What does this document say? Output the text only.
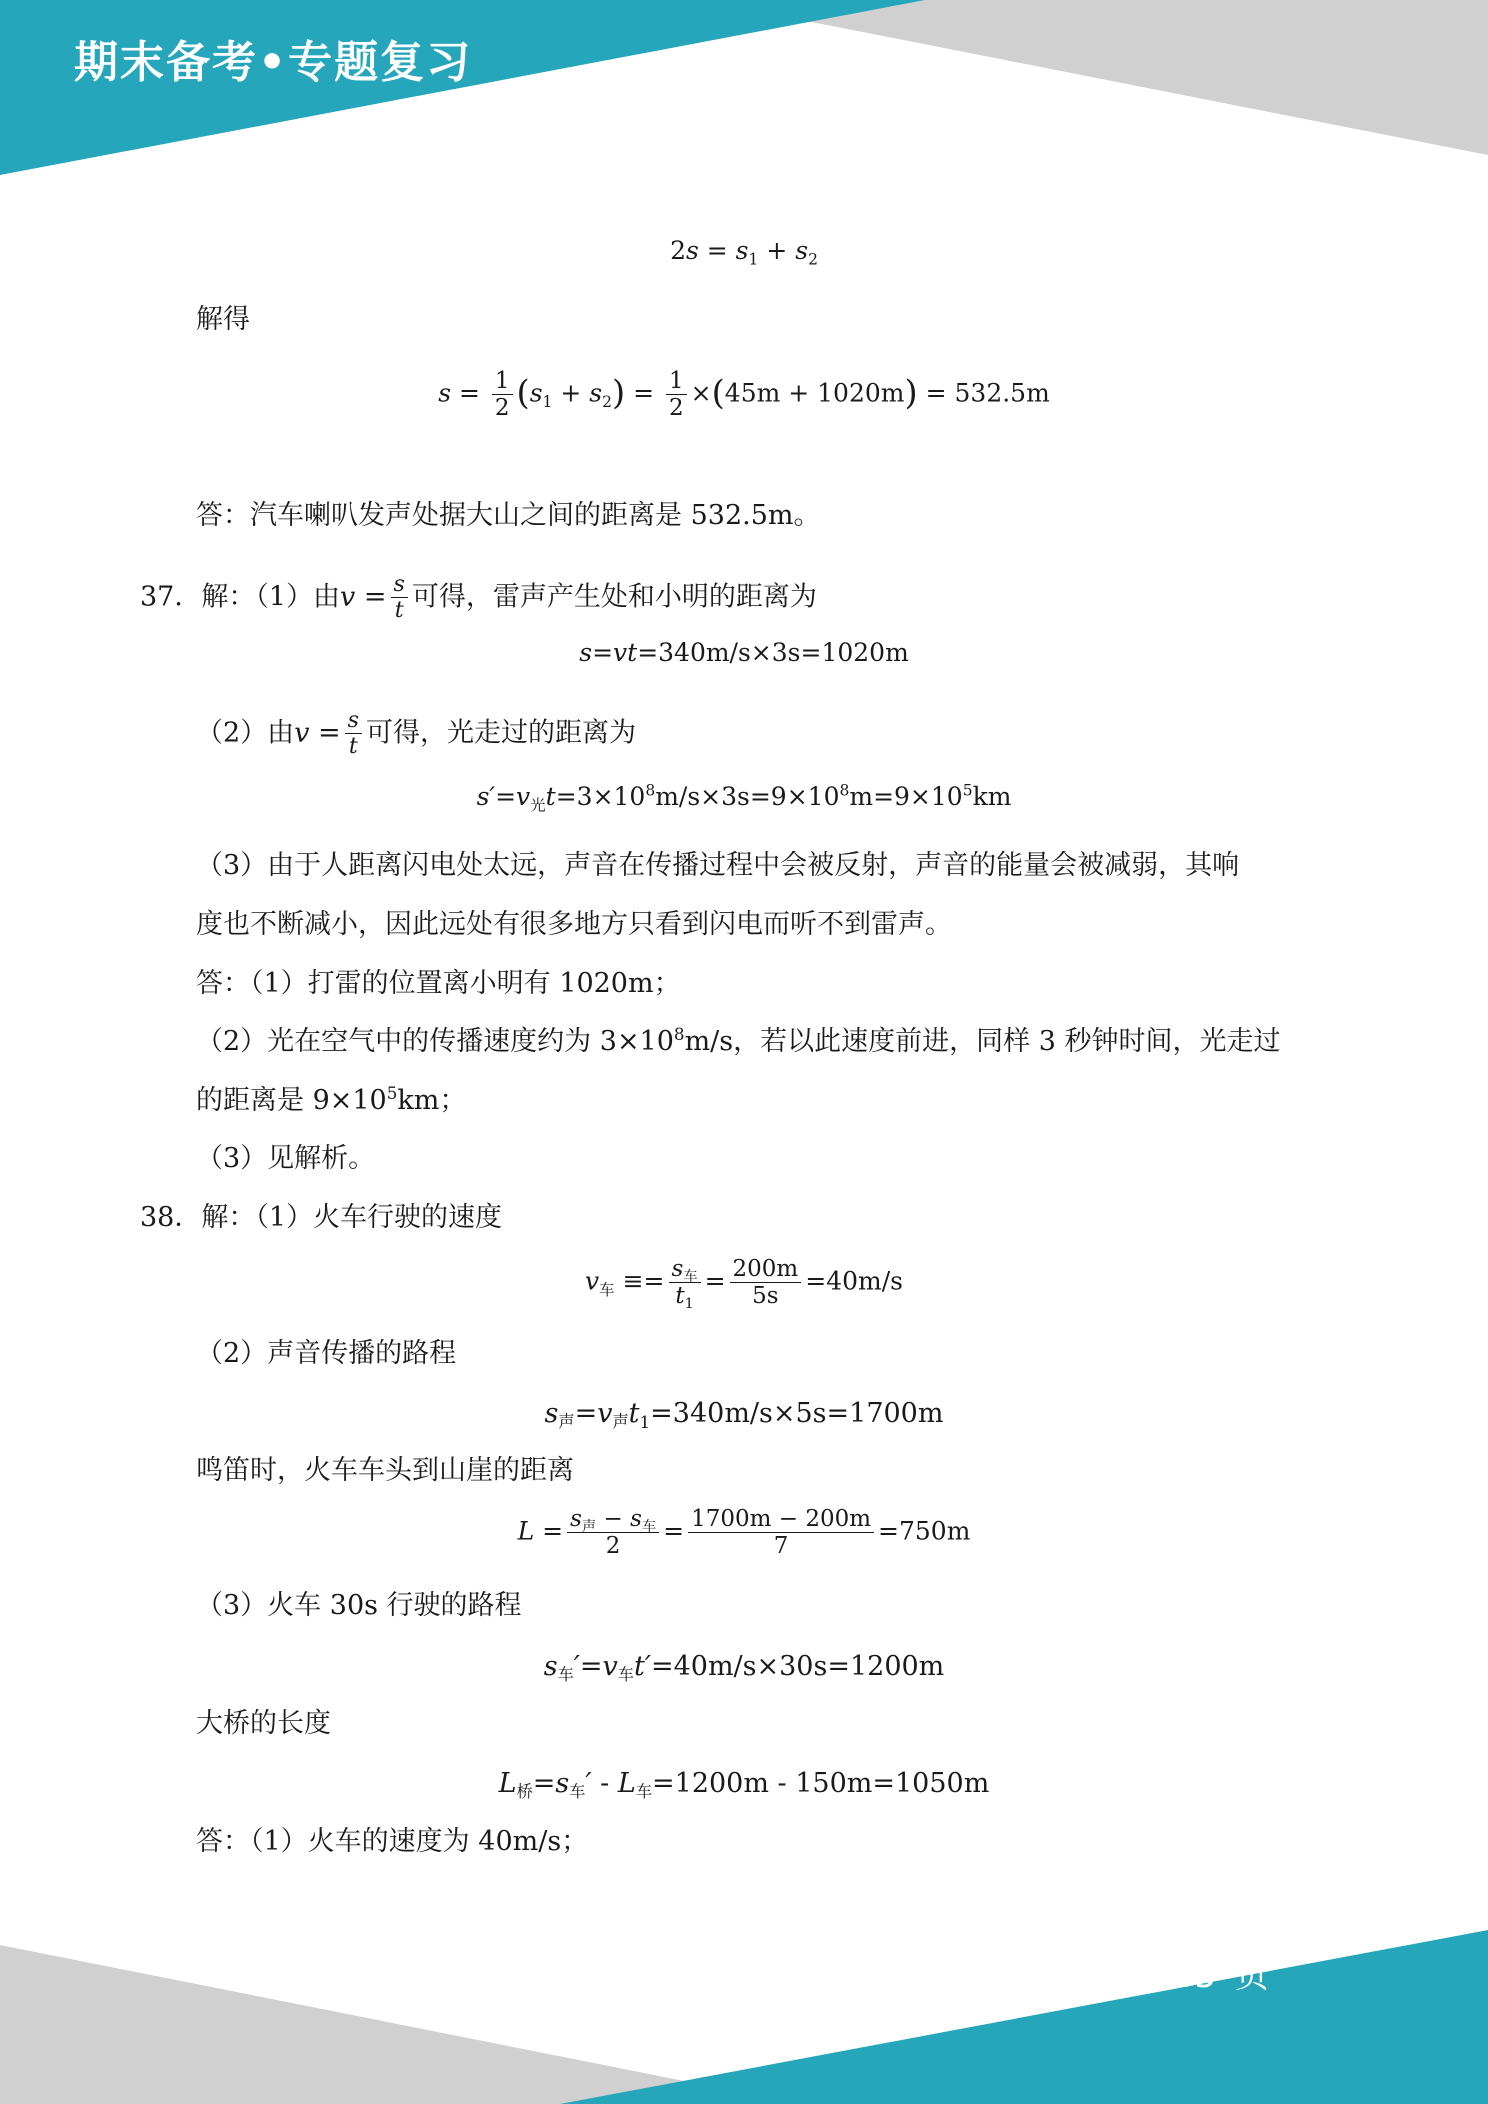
期末备考•专题复习
第 15 页
$2s = s_1 + s_2$
解得
$s = \frac{1}{2} (s_1 + s_2) = \frac{1}{2} \times(45m + 1020m) = 532.5m$
答：汽车喇叭发声处据大山之间的距离是 532.5m。
37．解：（1）由$v = \frac{s}{t}$ 可得，雷声产生处和小明的距离为
s=vt=340m/s×3s=1020m
（2）由$v = \frac{s}{t}$ 可得，光走过的距离为
$s'=v_光t=3\times 10^8m/s\times 3s=9\times 10^8m=9\times 10^5km$
（3）由于人距离闪电处太远，声音在传播过程中会被反射，声音的能量会被减弱，其响
度也不断减小，因此远处有很多地方只看到闪电而听不到雷声。
答：（1）打雷的位置离小明有 1020m；
（2）光在空气中的传播速度约为 $3\times 10^8m/s$，若以此速度前进，同样 3 秒钟时间，光走过
的距离是 $9\times 10^5km$；
（3）见解析。
38．解：（1）火车行驶的速度
$v_车 \equiv= \frac{s_车}{t_1} = \frac{200m}{5s} =40m/s$
（2）声音传播的路程
s声=v声$t_1=340m/s\times 5s=1700m$
鸣笛时，火车车头到山崖的距离
$L = \frac{s_声 - s_车}{2} = \frac{1700m - 200m}{7} =750m$
（3）火车 30s 行驶的路程
s车′=v车t′=40m/s×30s=1200m
大桥的长度
L桥=s车′ - L车=1200m - 150m=1050m
答：（1）火车的速度为 40m/s；
